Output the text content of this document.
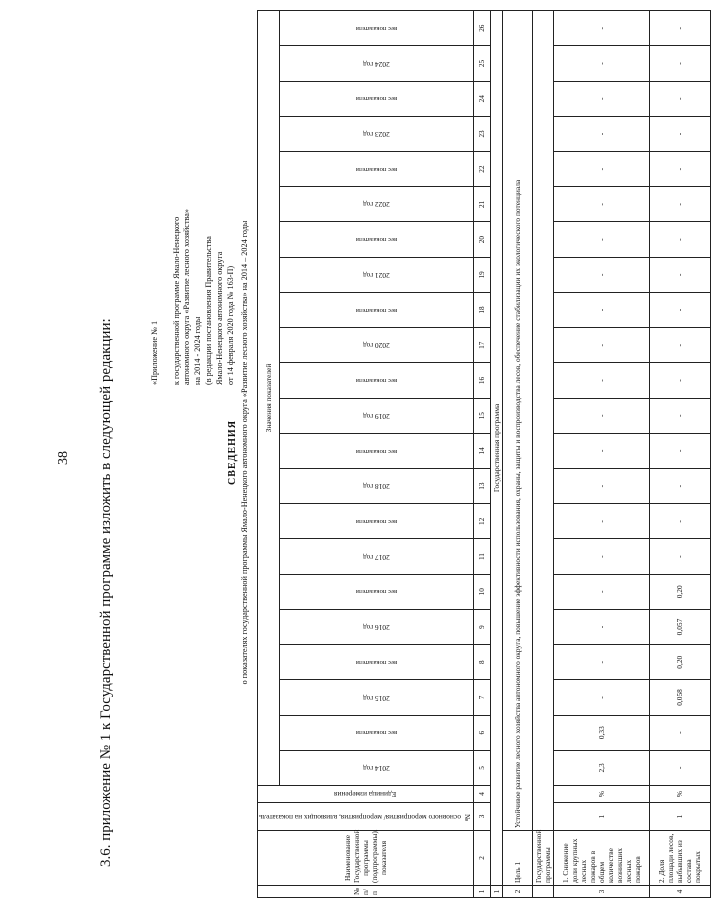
38 3.6. приложение № 1 к Государственной программе изложить в следующей редакции:	«Приложение № 1
к государственной программе Ямало-Ненецкого автономного округа «Развитие лесного хозяйства» на 2014 - 2024 годы (в редакции постановления Правительства Ямало-Ненецкого автономного округа от 14 февраля 2020 года № 163-П)
СВЕДЕНИЯ о показателях государственной программы Ямало-Ненецкого автономного округа «Развитие лесного хозяйства» на 2014 – 2024 годы
№ п/п	Наименование Государственной программы (подпрограммы), показателя	№ основного мероприятия/ мероприятия, влияющих на показатель	Единица измерения	Значения показателей																					

				2014 год	вес показателя	2015 год	вес показателя	2016 год	вес показателя	2017 год	вес показателя	2018 год	вес показателя	2019 год	вес показателя	2020 год	вес показателя	2021 год	вес показателя	2022 год	вес показателя	2023 год	вес показателя	2024 год	вес показателя

1	2	3	4	5	6	7	8	9	10	11	12	13	14	15	16	17	18	19	20	21	22	23	24	25	26
1	Государственная программа																								
2	Цель 1	Устойчивое развитие лесного хозяйства автономного округа, повышение эффективности использования, охраны, защиты и воспроизводства лесов, обеспечение стабилизации их экологического потенциала																							
	Государственной программы																								
3	1. Снижение доли крупных лесных пожаров в общем количестве возникших лесных пожаров	1	%	2,3	0,33	-	-	-	-	-	-	-	-	-	-	-	-	-	-	-	-	-	-	-	-
4	2. Доля площади лесов, выбывших из состава покрытых	1	%	-	-	0,058	0,20	0,057	0,20	-	-	-	-	-	-	-	-	-	-	-	-	-	-	-	-
